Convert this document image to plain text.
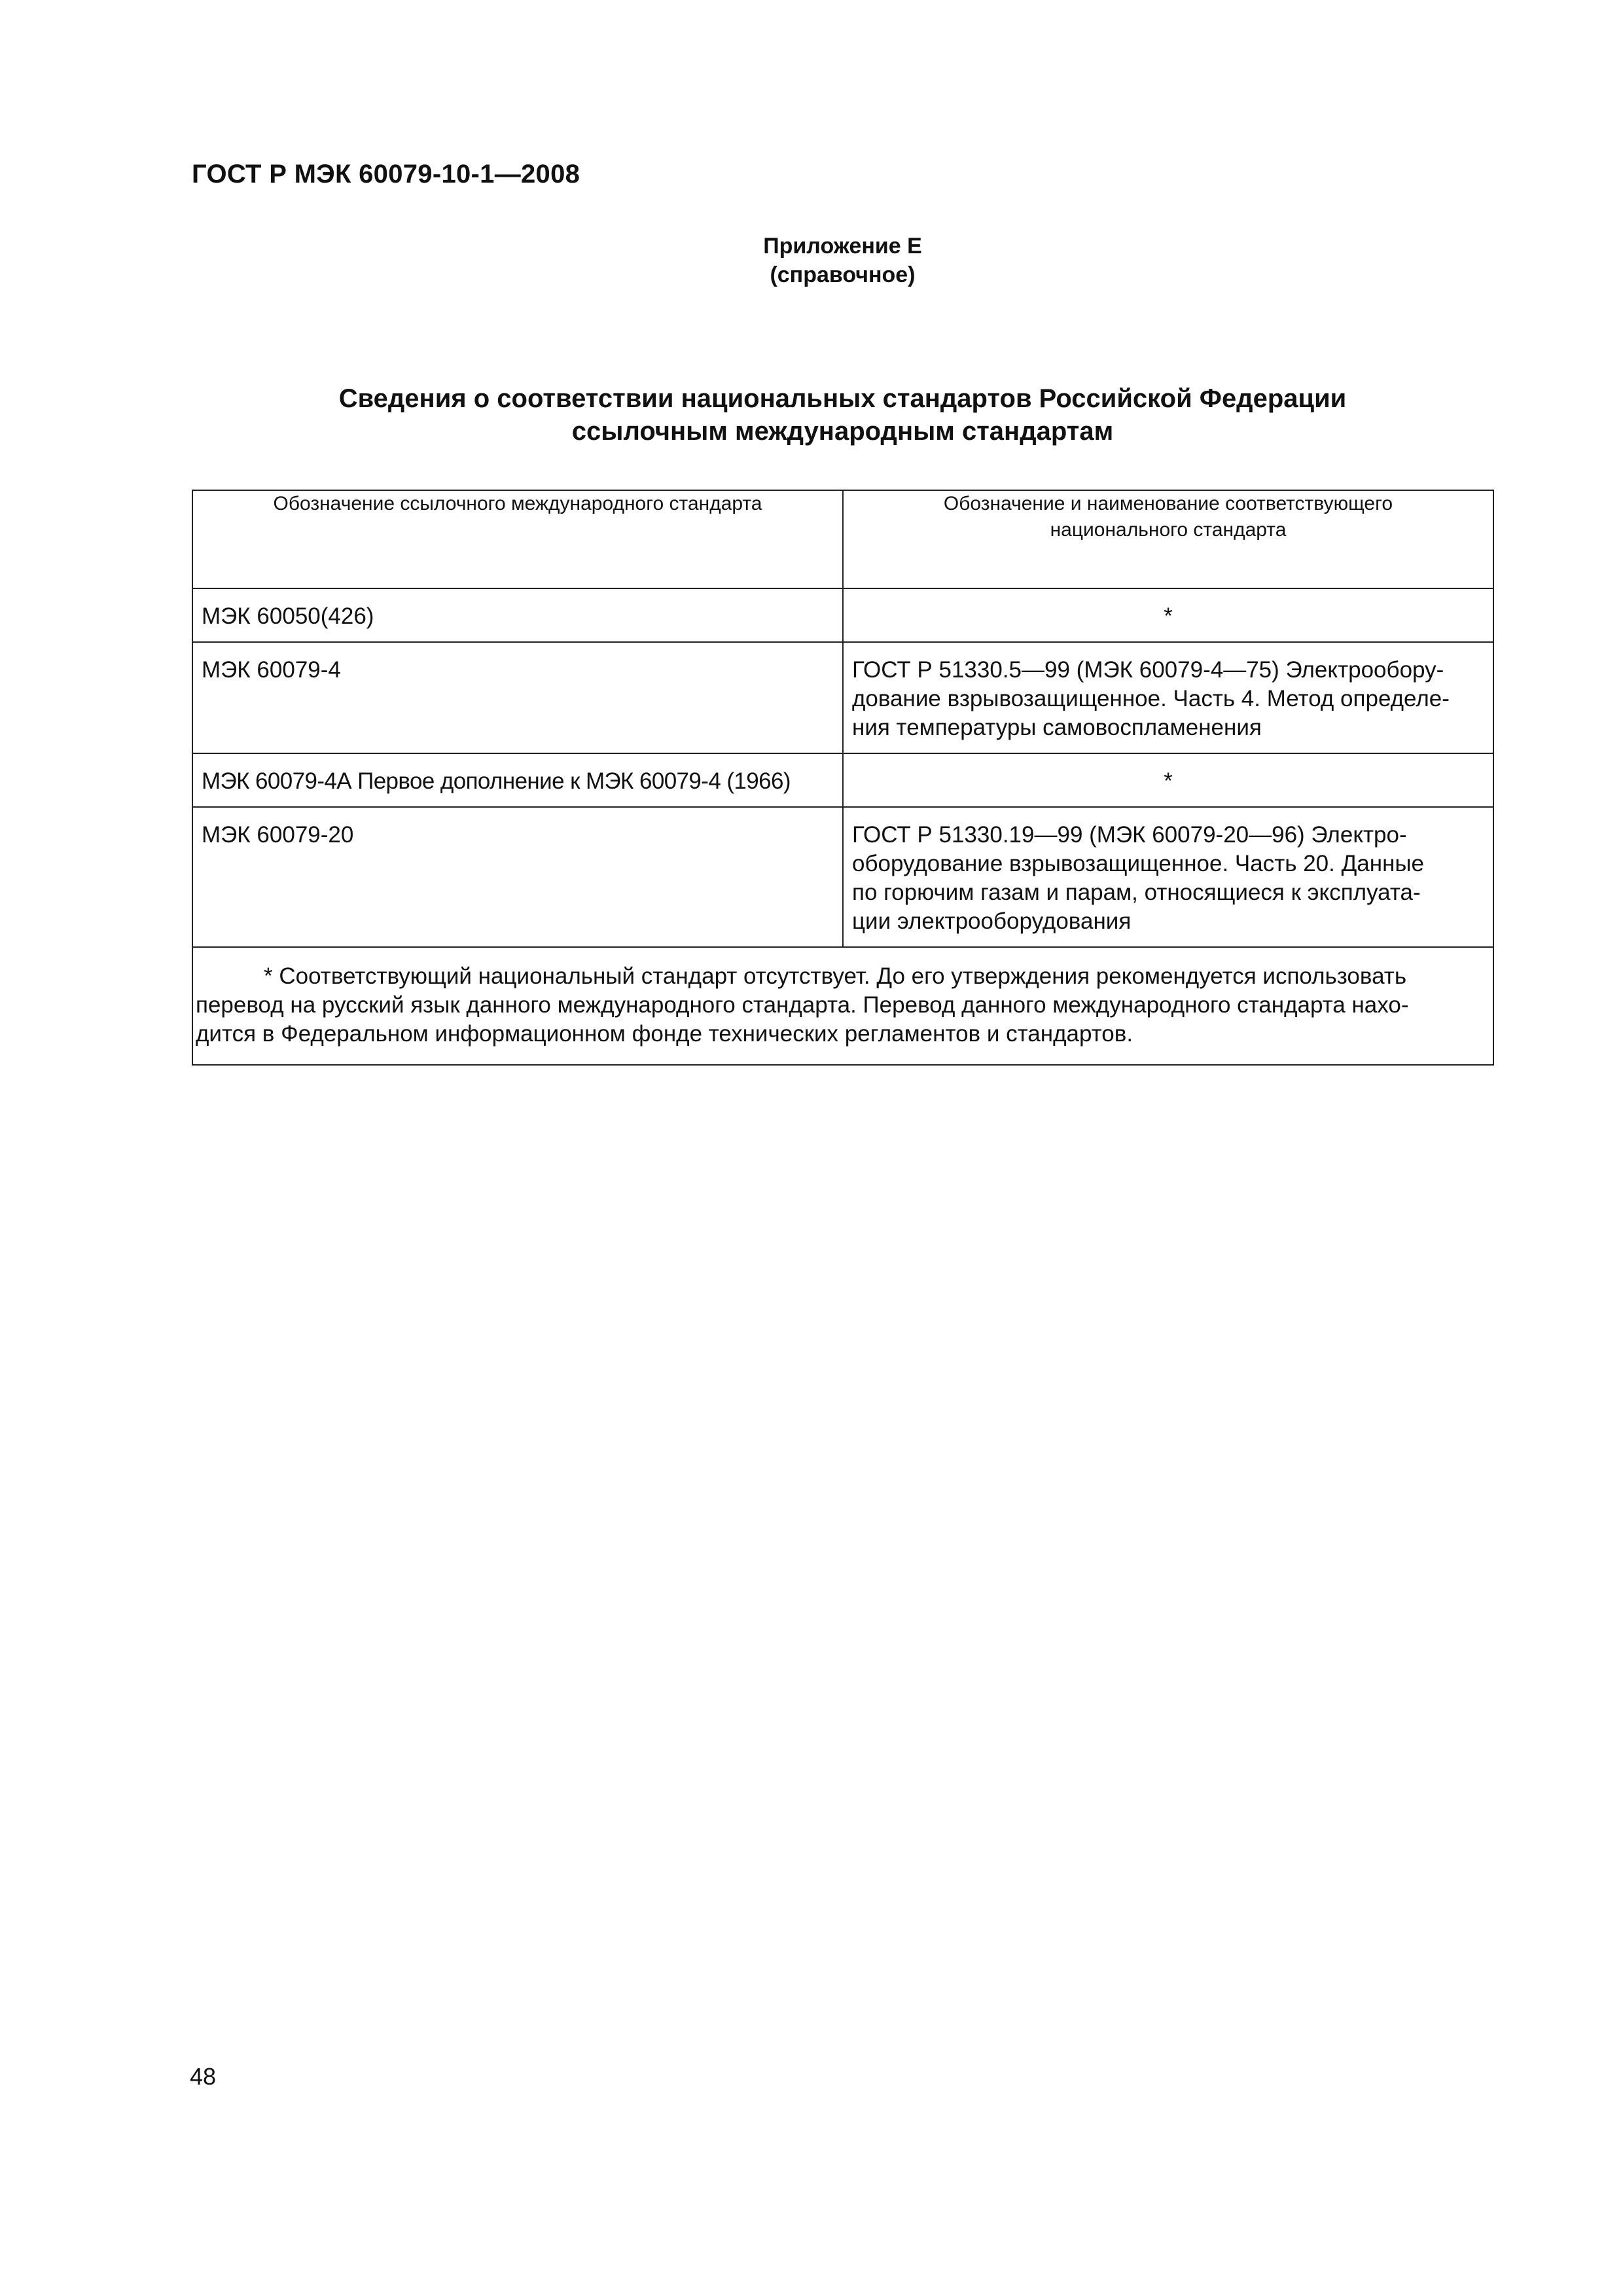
ГОСТ Р МЭК 60079-10-1—2008
Приложение Е
(справочное)
Сведения о соответствии национальных стандартов Российской Федерации
ссылочным международным стандартам
Обозначение ссылочного международного стандарта	Обозначение и наименование соответствующего
национального стандарта

МЭК 60050(426)	*
МЭК 60079-4	ГОСТ Р 51330.5—99 (МЭК 60079-4—75) Электрообору-
дование взрывозащищенное. Часть 4. Метод определе-
ния температуры самовоспламенения

МЭК 60079-4А Первое дополнение к МЭК 60079-4 (1966)	*
МЭК 60079-20	ГОСТ Р 51330.19—99 (МЭК 60079-20—96) Электро-
оборудование взрывозащищенное. Часть 20. Данные
по горючим газам и парам, относящиеся к эксплуата-
ции электрооборудования

* Соответствующий национальный стандарт отсутствует. До его утверждения рекомендуется использовать
перевод на русский язык данного международного стандарта. Перевод данного международного стандарта нахо-
дится в Федеральном информационном фонде технических регламентов и стандартов.	
48
